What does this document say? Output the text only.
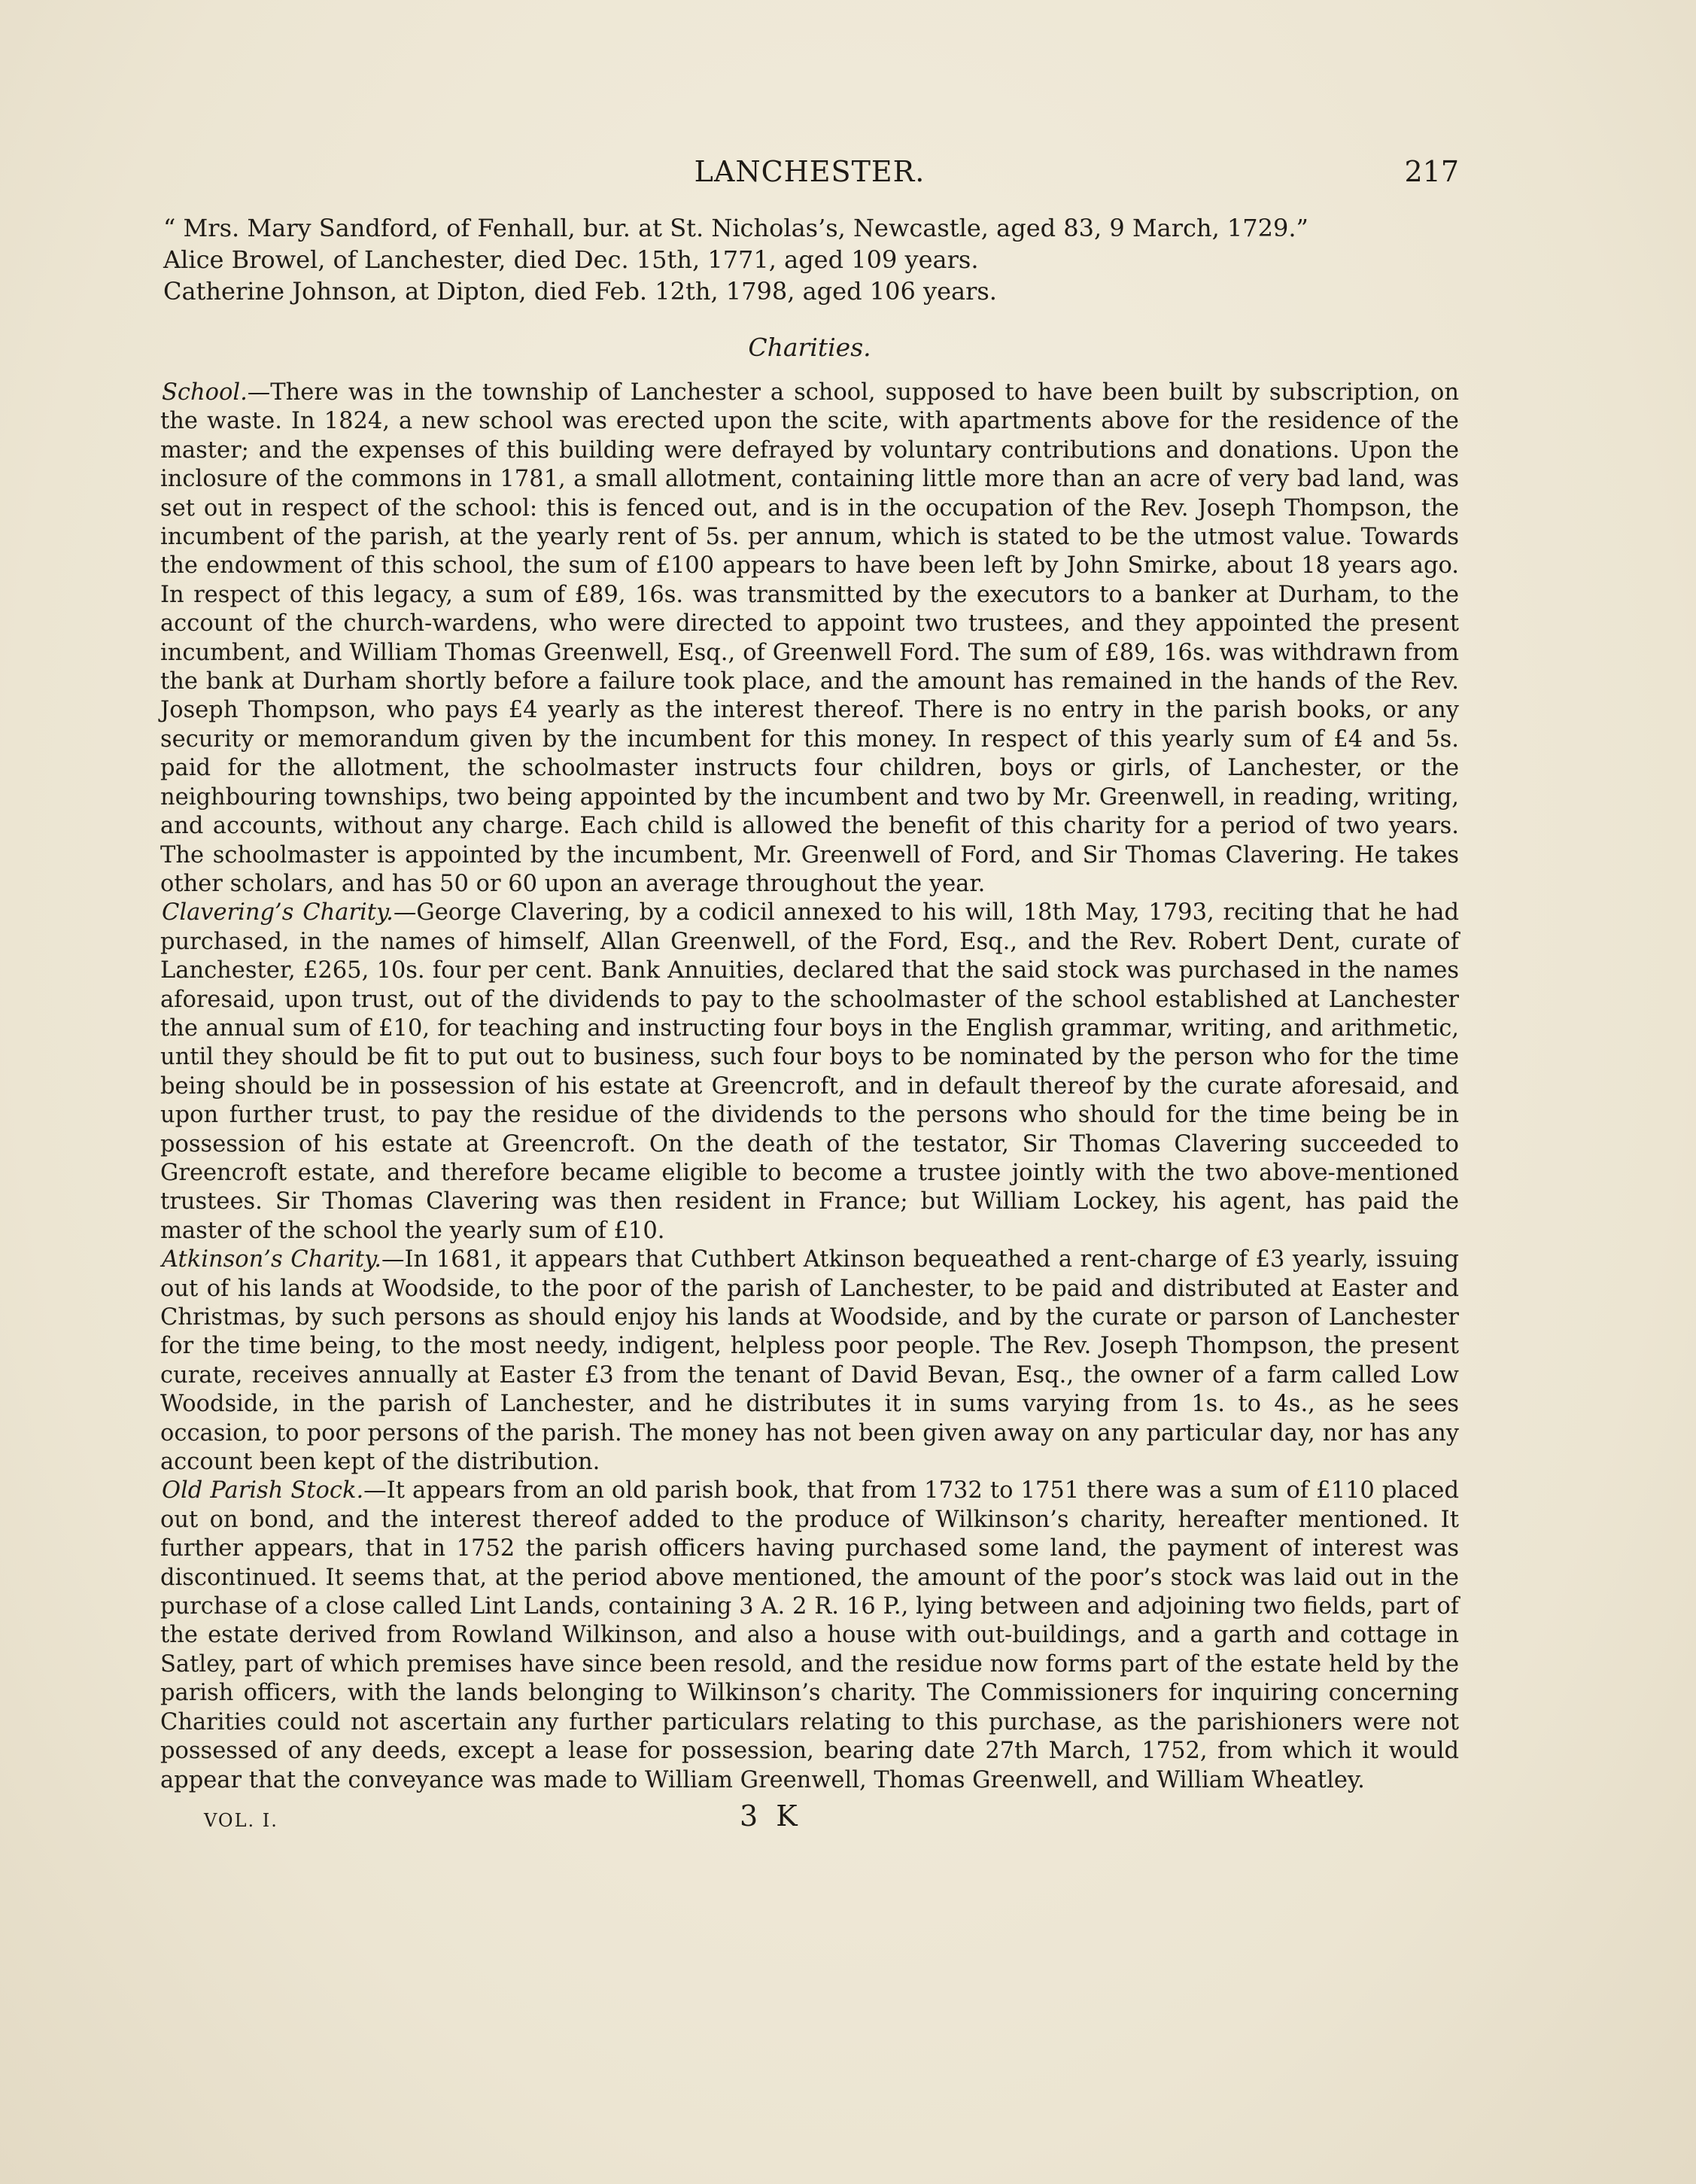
LANCHESTER.	217
“ Mrs. Mary Sandford, of Fenhall, bur. at St. Nicholas’s, Newcastle, aged 83, 9 March, 1729.”
Alice Browel, of Lanchester, died Dec. 15th, 1771, aged 109 years.
Catherine Johnson, at Dipton, died Feb. 12th, 1798, aged 106 years.
Charities.

School.—There was in the township of Lanchester a school, supposed to have been built by subscription, on the waste. In 1824, a new school was erected upon the scite, with apartments above for the residence of the master; and the expenses of this building were defrayed by voluntary contributions and donations. Upon the inclosure of the commons in 1781, a small allotment, containing little more than an acre of very bad land, was set out in respect of the school: this is fenced out, and is in the occupation of the Rev. Joseph Thompson, the incumbent of the parish, at the yearly rent of 5s. per annum, which is stated to be the utmost value. Towards the endowment of this school, the sum of £100 appears to have been left by John Smirke, about 18 years ago. In respect of this legacy, a sum of £89, 16s. was transmitted by the executors to a banker at Durham, to the account of the church-wardens, who were directed to appoint two trustees, and they appointed the present incumbent, and William Thomas Greenwell, Esq., of Greenwell Ford. The sum of £89, 16s. was withdrawn from the bank at Durham shortly before a failure took place, and the amount has remained in the hands of the Rev. Joseph Thompson, who pays £4 yearly as the interest thereof. There is no entry in the parish books, or any security or memorandum given by the incumbent for this money. In respect of this yearly sum of £4 and 5s. paid for the allotment, the schoolmaster instructs four children, boys or girls, of Lanchester, or the neighbouring townships, two being appointed by the incumbent and two by Mr. Greenwell, in reading, writing, and accounts, without any charge. Each child is allowed the benefit of this charity for a period of two years. The schoolmaster is appointed by the incumbent, Mr. Greenwell of Ford, and Sir Thomas Clavering. He takes other scholars, and has 50 or 60 upon an average throughout the year.

Clavering’s Charity.—George Clavering, by a codicil annexed to his will, 18th May, 1793, reciting that he had purchased, in the names of himself, Allan Greenwell, of the Ford, Esq., and the Rev. Robert Dent, curate of Lanchester, £265, 10s. four per cent. Bank Annuities, declared that the said stock was purchased in the names aforesaid, upon trust, out of the dividends to pay to the schoolmaster of the school established at Lanchester the annual sum of £10, for teaching and instructing four boys in the English grammar, writing, and arithmetic, until they should be fit to put out to business, such four boys to be nominated by the person who for the time being should be in possession of his estate at Greencroft, and in default thereof by the curate aforesaid, and upon further trust, to pay the residue of the dividends to the persons who should for the time being be in possession of his estate at Greencroft. On the death of the testator, Sir Thomas Clavering succeeded to Greencroft estate, and therefore became eligible to become a trustee jointly with the two above-mentioned trustees. Sir Thomas Clavering was then resident in France; but William Lockey, his agent, has paid the master of the school the yearly sum of £10.

Atkinson’s Charity.—In 1681, it appears that Cuthbert Atkinson bequeathed a rent-charge of £3 yearly, issuing out of his lands at Woodside, to the poor of the parish of Lanchester, to be paid and distributed at Easter and Christmas, by such persons as should enjoy his lands at Woodside, and by the curate or parson of Lanchester for the time being, to the most needy, indigent, helpless poor people. The Rev. Joseph Thompson, the present curate, receives annually at Easter £3 from the tenant of David Bevan, Esq., the owner of a farm called Low Woodside, in the parish of Lanchester, and he distributes it in sums varying from 1s. to 4s., as he sees occasion, to poor persons of the parish. The money has not been given away on any particular day, nor has any account been kept of the distribution.

Old Parish Stock.—It appears from an old parish book, that from 1732 to 1751 there was a sum of £110 placed out on bond, and the interest thereof added to the produce of Wilkinson’s charity, hereafter mentioned. It further appears, that in 1752 the parish officers having purchased some land, the payment of interest was discontinued. It seems that, at the period above mentioned, the amount of the poor’s stock was laid out in the purchase of a close called Lint Lands, containing 3 A. 2 R. 16 P., lying between and adjoining two fields, part of the estate derived from Rowland Wilkinson, and also a house with out-buildings, and a garth and cottage in Satley, part of which premises have since been resold, and the residue now forms part of the estate held by the parish officers, with the lands belonging to Wilkinson’s charity. The Commissioners for inquiring concerning Charities could not ascertain any further particulars relating to this purchase, as the parishioners were not possessed of any deeds, except a lease for possession, bearing date 27th March, 1752, from which it would appear that the conveyance was made to William Greenwell, Thomas Greenwell, and William Wheatley.

VOL. I.	3 K
